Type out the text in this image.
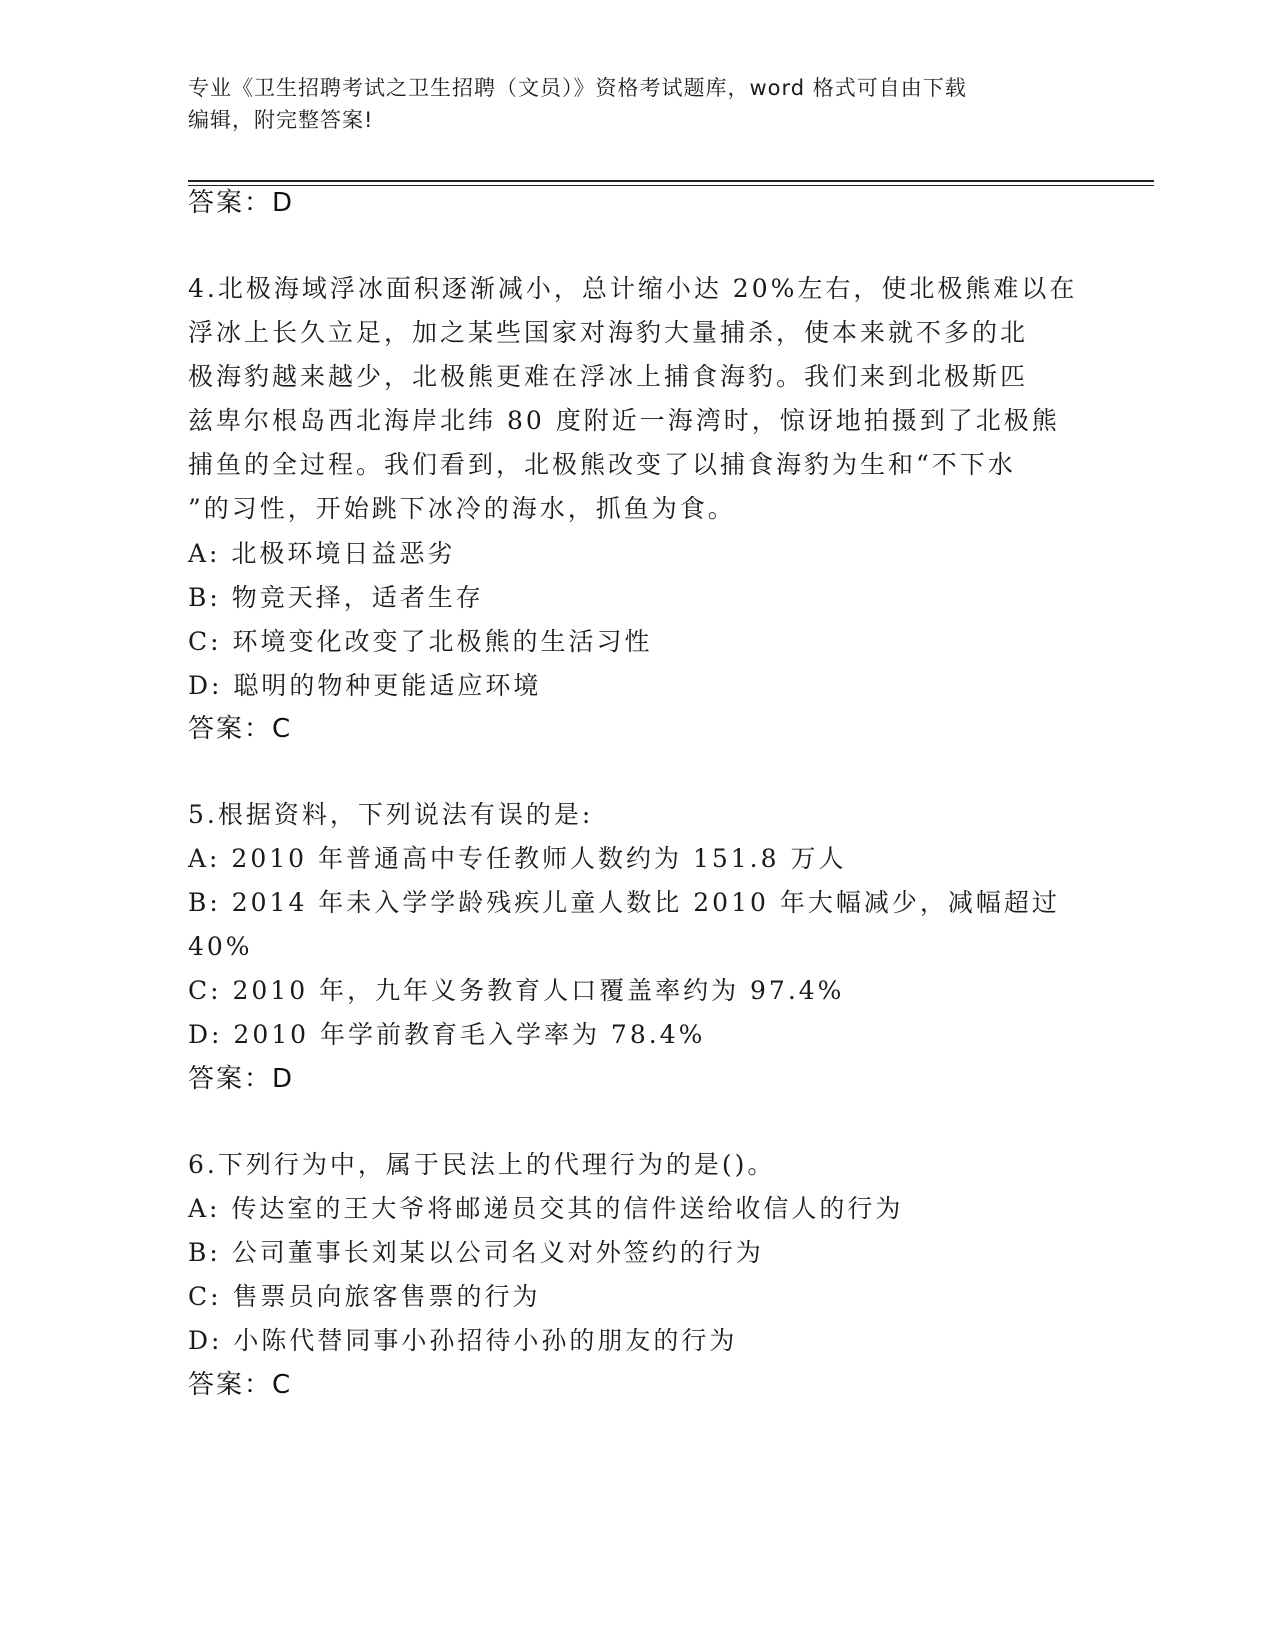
专业《卫生招聘考试之卫生招聘（文员）》资格考试题库，word 格式可自由下载
编辑，附完整答案!
答案：D
4.北极海域浮冰面积逐渐减小，总计缩小达 20%左右，使北极熊难以在
浮冰上长久立足，加之某些国家对海豹大量捕杀，使本来就不多的北
极海豹越来越少，北极熊更难在浮冰上捕食海豹。我们来到北极斯匹
兹卑尔根岛西北海岸北纬 80 度附近一海湾时，惊讶地拍摄到了北极熊
捕鱼的全过程。我们看到，北极熊改变了以捕食海豹为生和“不下水
”的习性，开始跳下冰冷的海水，抓鱼为食。
A: 北极环境日益恶劣
B: 物竞天择，适者生存
C: 环境变化改变了北极熊的生活习性
D: 聪明的物种更能适应环境
答案：C
5.根据资料，下列说法有误的是:
A: 2010 年普通高中专任教师人数约为 151.8 万人
B: 2014 年未入学学龄残疾儿童人数比 2010 年大幅减少，减幅超过
40%
C: 2010 年，九年义务教育人口覆盖率约为 97.4%
D: 2010 年学前教育毛入学率为 78.4%
答案：D
6.下列行为中，属于民法上的代理行为的是()。
A: 传达室的王大爷将邮递员交其的信件送给收信人的行为
B: 公司董事长刘某以公司名义对外签约的行为
C: 售票员向旅客售票的行为
D: 小陈代替同事小孙招待小孙的朋友的行为
答案：C
